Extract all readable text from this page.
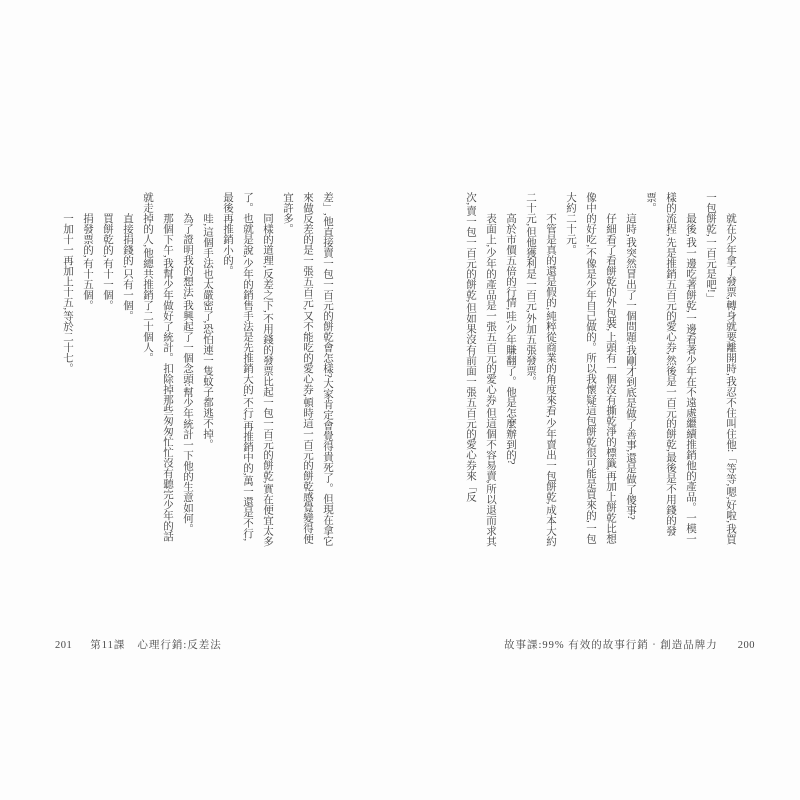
就在少年拿了發票,轉身就要離開時,我忍不住叫住他:「等等,嗯,好啦,我買一包餅乾,一百元是吧!」

最後,我一邊吃著餅乾,一邊看著少年在不遠處繼續推銷他的產品。一模一樣的流程,先是推銷五百元的愛心券,然後是一百元的餅乾,最後是不用錢的發票。

這時,我突然冒出了一個問題:我剛才到底是做了善事,還是做了傻事?

仔細看了看餅乾的外包裝,上頭有一個沒有撕乾淨的標籤,再加上餅乾比想像中的好吃,不像是少年自己做的。所以我懷疑這包餅乾很可能是買來的,一包大約二十元。

不管是真的還是假的,純粹從商業的角度來看,少年賣出一包餅乾,成本大約二十元,但他獲利是一百元,外加五張發票。

高於市價五倍的行情,哇,少年賺翻了。他是怎麼辦到的?

表面上,少年的產品是一張五百元的愛心券,但這個不容易賣,所以退而求其次,賣一包一百元的餅乾,但如果沒有前面一張五百元的愛心券來「反

差」,他直接賣一包一百元的餅乾會怎樣?大家肯定會覺得貴死了。但現在拿它來做反差的是一張五百元,又不能吃的愛心券,頓時這一百元的餅乾感覺變得便宜許多。

同樣的道理,反差之下,不用錢的發票比起一包一百元的餅乾,實在便宜太多了。也就是說,少年的銷售手法是先推銷大的,不行,再推銷中的,萬一還是不行,最後再推銷小的。

哇,這個手法也太嚴密了,恐怕連一隻蚊子都逃不掉。

為了證明我的想法,我興起了一個念頭:幫少年統計一下他的生意如何。

那個下午,我幫少年做好了統計。扣除掉那些匆匆忙忙沒有聽完少年的話就走掉的人,他總共推銷了二十個人。

直接捐錢的,只有一個。

買餅乾的,有十一個。

捐發票的,有十五個。

一加十一再加上十五,等於二十七。

201 第11課 心理行銷:反差法	故事課:99% 有效的故事行銷‧創造品牌力 200
